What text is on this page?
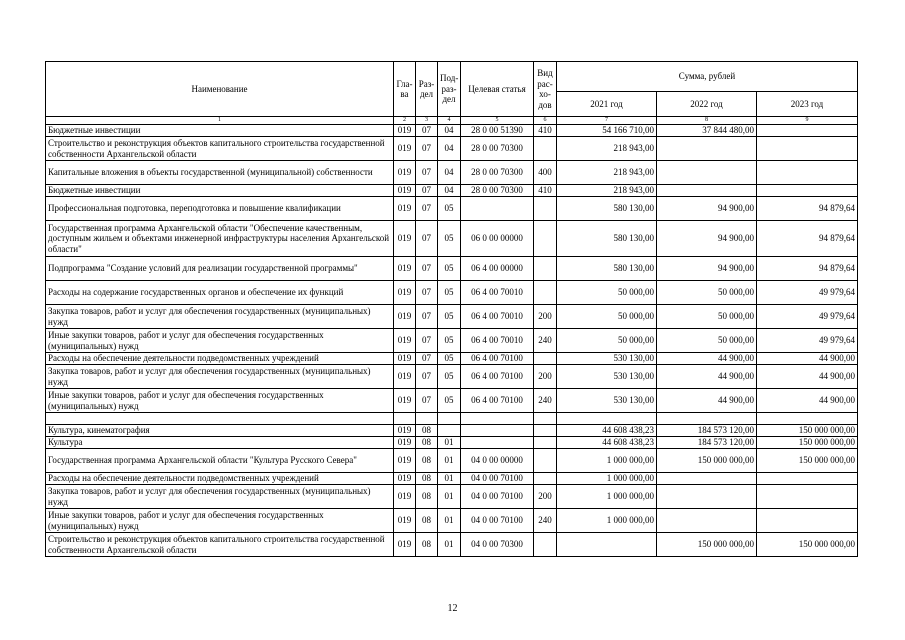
Наименование	Гла-ва	Раз-дел	Под-раз-дел	Целевая статья	Вид рас-хо-дов	Сумма, рублей		
						2021 год	2022 год	2023 год
1	2	3	4	5	6	7	8	9
Бюджетные инвестиции	019	07	04	28 0 00 51390	410	54 166 710,00	37 844 480,00	
Строительство и реконструкция объектов капитального строительства государственной собственности Архангельской области	019	07	04	28 0 00 70300		218 943,00		
Капитальные вложения в объекты государственной (муниципальной) собственности	019	07	04	28 0 00 70300	400	218 943,00		
Бюджетные инвестиции	019	07	04	28 0 00 70300	410	218 943,00		
Профессиональная подготовка, переподготовка и повышение квалификации	019	07	05			580 130,00	94 900,00	94 879,64
Государственная программа Архангельской области "Обеспечение качественным, доступным жильем и объектами инженерной инфраструктуры населения Архангельской области"	019	07	05	06 0 00 00000		580 130,00	94 900,00	94 879,64
Подпрограмма "Создание условий для реализации государственной программы"	019	07	05	06 4 00 00000		580 130,00	94 900,00	94 879,64
Расходы на содержание государственных органов и обеспечение их функций	019	07	05	06 4 00 70010		50 000,00	50 000,00	49 979,64
Закупка товаров, работ и услуг для обеспечения государственных (муниципальных) нужд	019	07	05	06 4 00 70010	200	50 000,00	50 000,00	49 979,64
Иные закупки товаров, работ и услуг для обеспечения государственных (муниципальных) нужд	019	07	05	06 4 00 70010	240	50 000,00	50 000,00	49 979,64
Расходы на обеспечение деятельности подведомственных учреждений	019	07	05	06 4 00 70100		530 130,00	44 900,00	44 900,00
Закупка товаров, работ и услуг для обеспечения государственных (муниципальных) нужд	019	07	05	06 4 00 70100	200	530 130,00	44 900,00	44 900,00
Иные закупки товаров, работ и услуг для обеспечения государственных (муниципальных) нужд	019	07	05	06 4 00 70100	240	530 130,00	44 900,00	44 900,00

Культура, кинематография	019	08				44 608 438,23	184 573 120,00	150 000 000,00
Культура	019	08	01			44 608 438,23	184 573 120,00	150 000 000,00
Государственная программа Архангельской области "Культура Русского Севера"	019	08	01	04 0 00 00000		1 000 000,00	150 000 000,00	150 000 000,00
Расходы на обеспечение деятельности подведомственных учреждений	019	08	01	04 0 00 70100		1 000 000,00		
Закупка товаров, работ и услуг для обеспечения государственных (муниципальных) нужд	019	08	01	04 0 00 70100	200	1 000 000,00		
Иные закупки товаров, работ и услуг для обеспечения государственных (муниципальных) нужд	019	08	01	04 0 00 70100	240	1 000 000,00		
Строительство и реконструкция объектов капитального строительства государственной собственности Архангельской области	019	08	01	04 0 00 70300			150 000 000,00	150 000 000,00
12
